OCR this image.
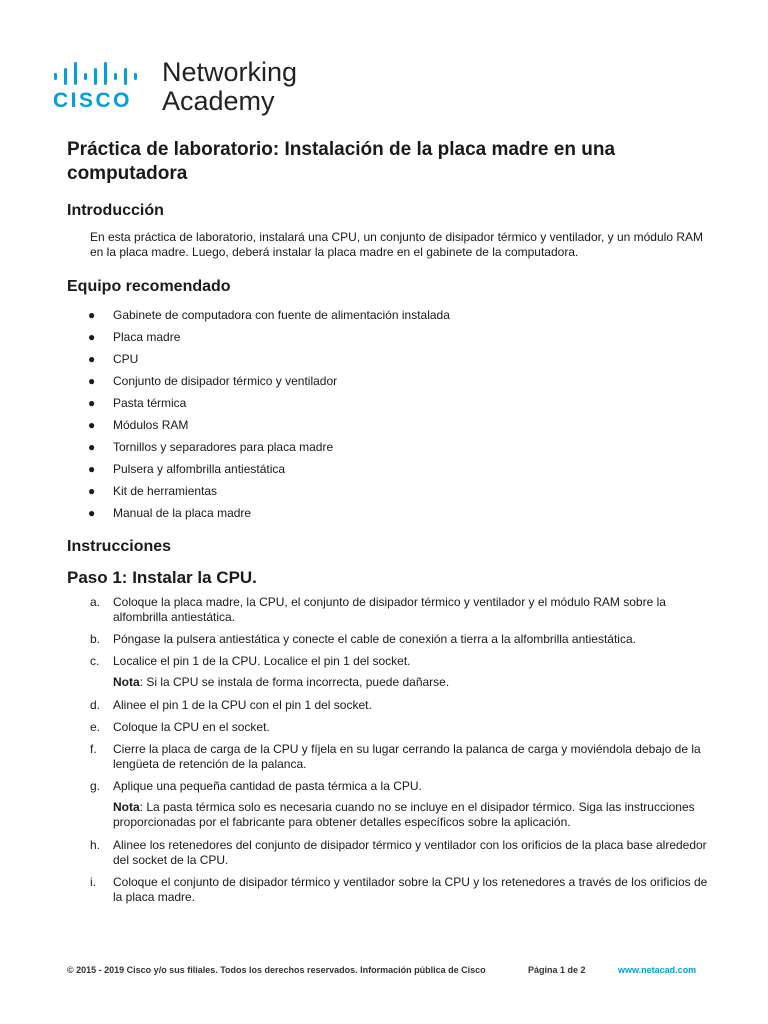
CISCO
Networking
Academy
Práctica de laboratorio: Instalación de la placa madre en una computadora
Introducción
En esta práctica de laboratorio, instalará una CPU, un conjunto de disipador térmico y ventilador, y un módulo RAM en la placa madre. Luego, deberá instalar la placa madre en el gabinete de la computadora.
Equipo recomendado
● Gabinete de computadora con fuente de alimentación instalada
● Placa madre
● CPU
● Conjunto de disipador térmico y ventilador
● Pasta térmica
● Módulos RAM
● Tornillos y separadores para placa madre
● Pulsera y alfombrilla antiestática
● Kit de herramientas
● Manual de la placa madre
Instrucciones
Paso 1: Instalar la CPU.
a. Coloque la placa madre, la CPU, el conjunto de disipador térmico y ventilador y el módulo RAM sobre la alfombrilla antiestática.
b. Póngase la pulsera antiestática y conecte el cable de conexión a tierra a la alfombrilla antiestática.
c. Localice el pin 1 de la CPU. Localice el pin 1 del socket.
Nota: Si la CPU se instala de forma incorrecta, puede dañarse.
d. Alinee el pin 1 de la CPU con el pin 1 del socket.
e. Coloque la CPU en el socket.
f. Cierre la placa de carga de la CPU y fíjela en su lugar cerrando la palanca de carga y moviéndola debajo de la lengüeta de retención de la palanca.
g. Aplique una pequeña cantidad de pasta térmica a la CPU.
Nota: La pasta térmica solo es necesaria cuando no se incluye en el disipador térmico. Siga las instrucciones proporcionadas por el fabricante para obtener detalles específicos sobre la aplicación.
h. Alinee los retenedores del conjunto de disipador térmico y ventilador con los orificios de la placa base alrededor del socket de la CPU.
i. Coloque el conjunto de disipador térmico y ventilador sobre la CPU y los retenedores a través de los orificios de la placa madre.
© 2015 - 2019 Cisco y/o sus filiales. Todos los derechos reservados. Información pública de Cisco	Página 1 de 2	www.netacad.com
